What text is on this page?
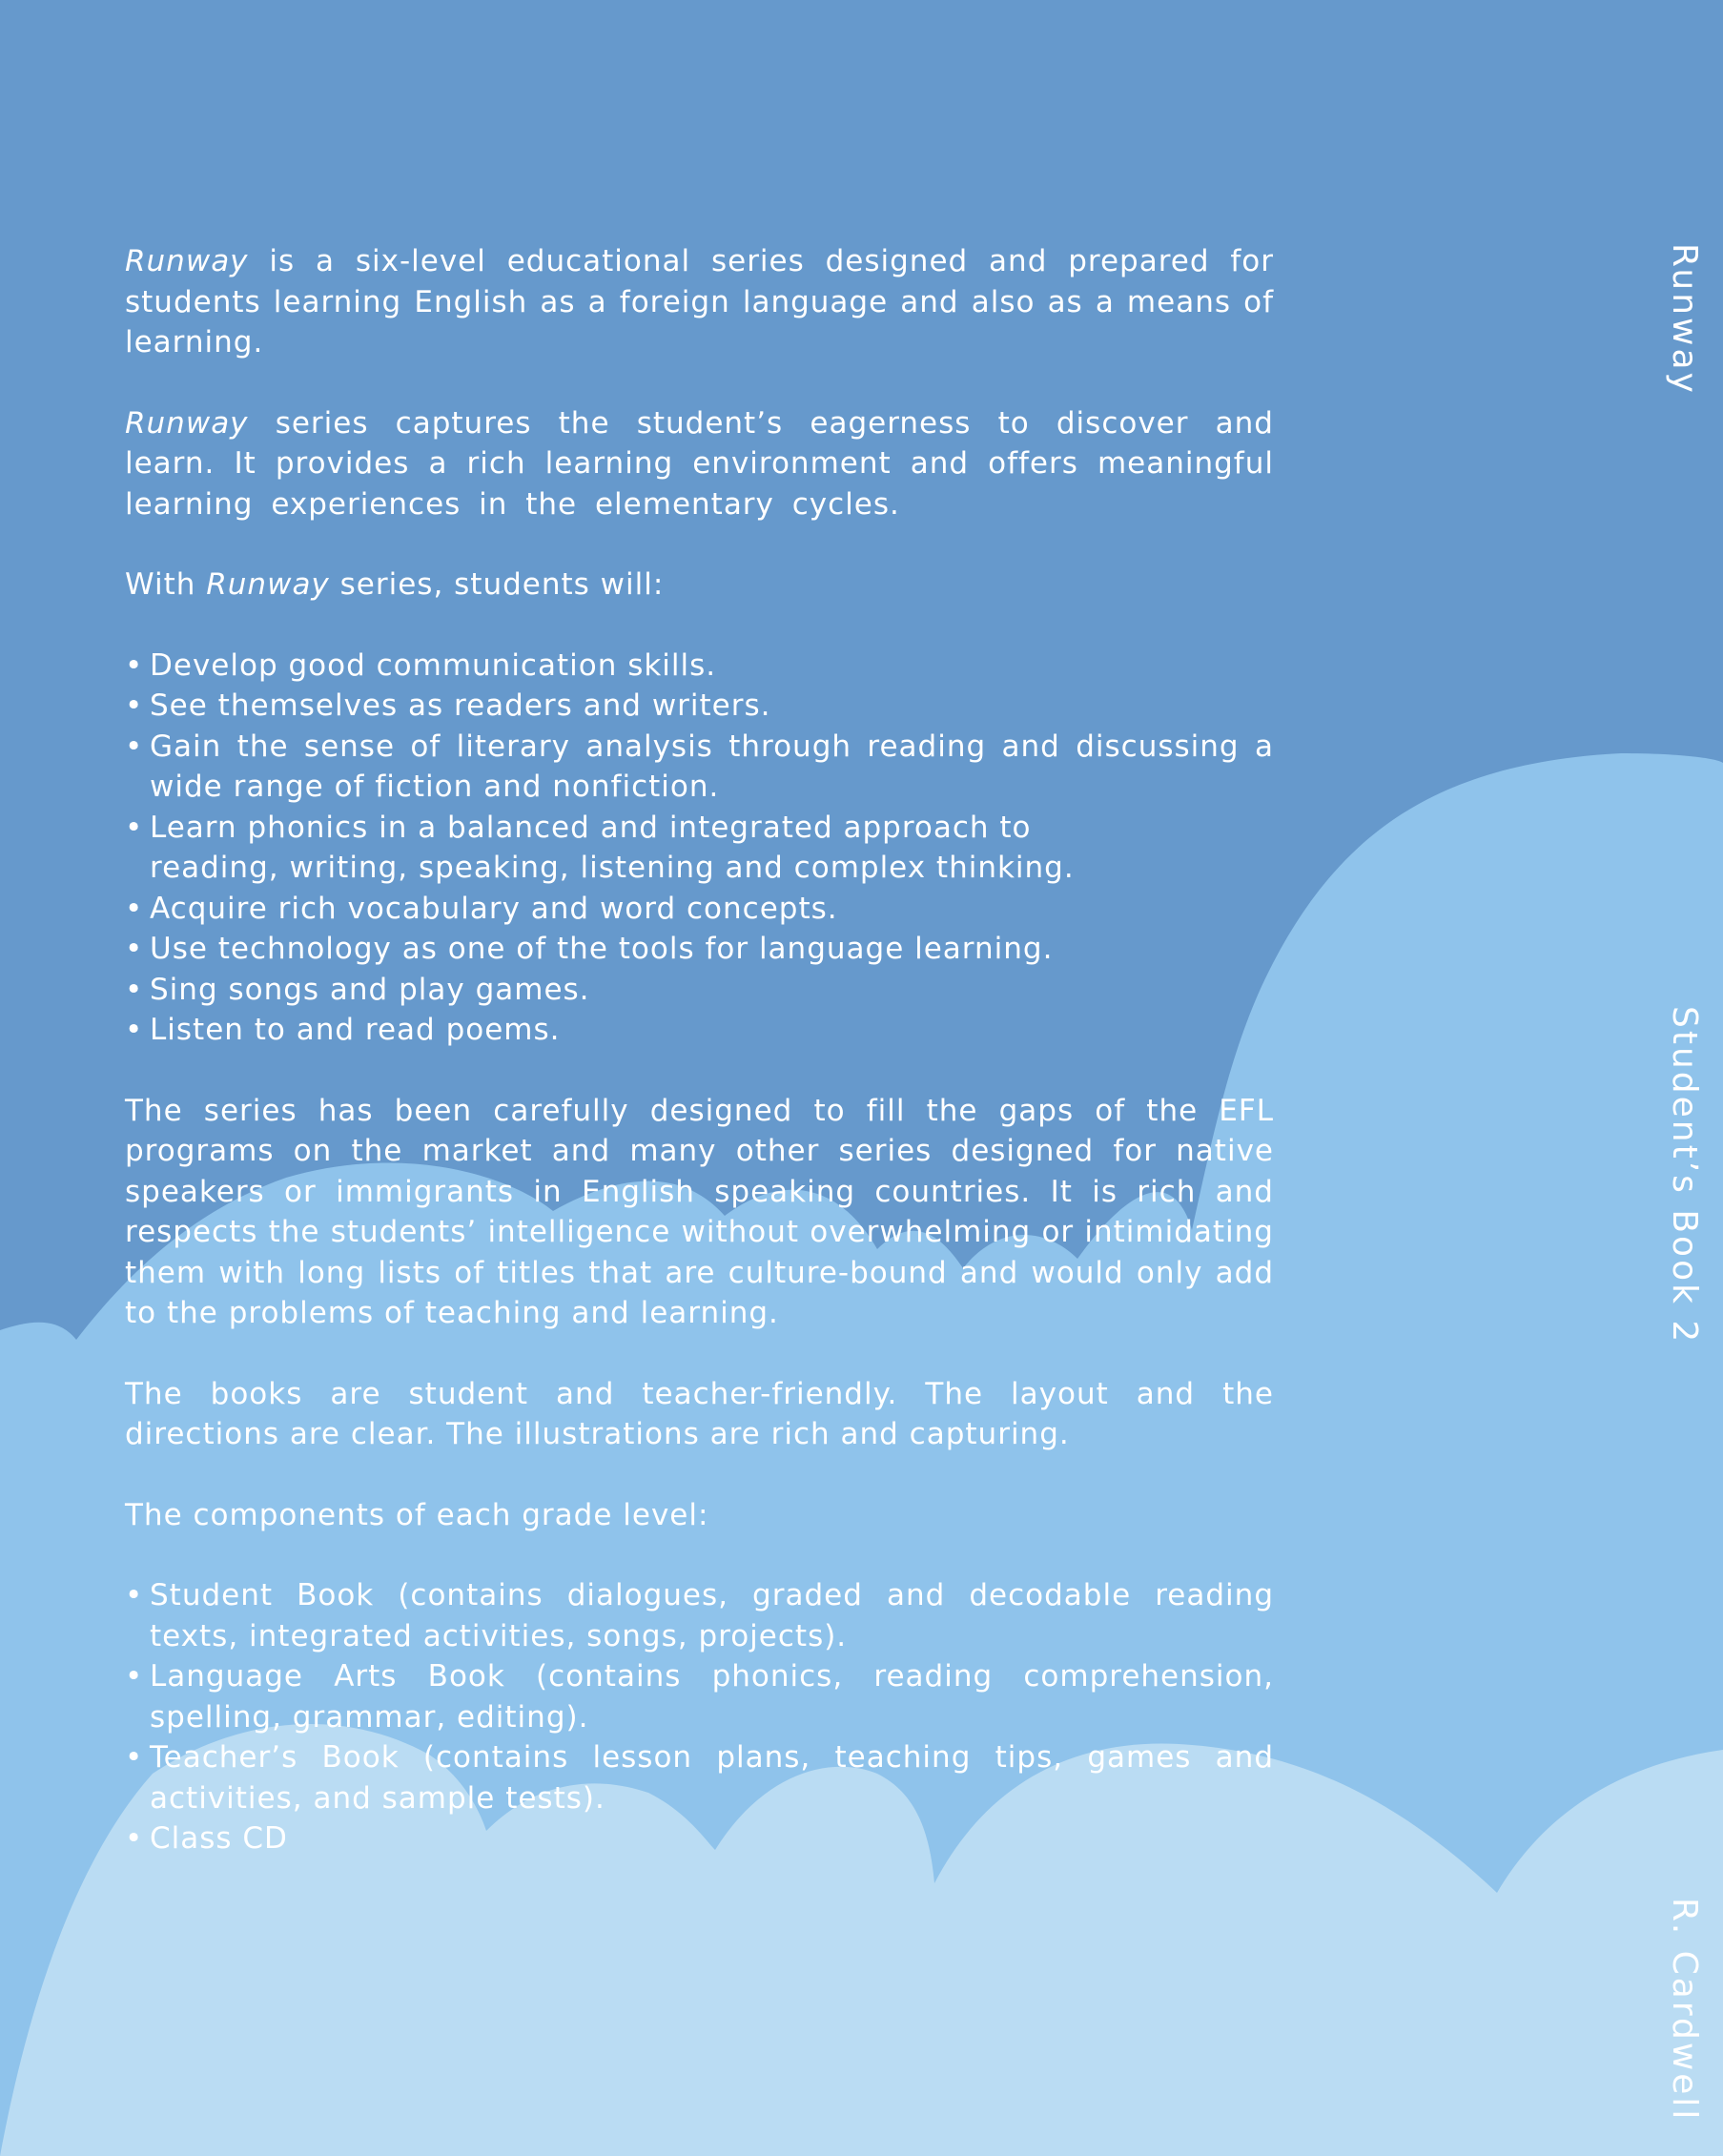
Runway is a six-level educational series designed and prepared for students learning English as a foreign language and also as a means of learning.

Runway series captures the student’s eagerness to discover and learn. It provides a rich learning environment and offers meaningful learning experiences in the elementary cycles.

With Runway series, students will:

• Develop good communication skills.
• See themselves as readers and writers.
• Gain the sense of literary analysis through reading and discussing a wide range of fiction and nonfiction.
• Learn phonics in a balanced and integrated approach to reading, writing, speaking, listening and complex thinking.
• Acquire rich vocabulary and word concepts.
• Use technology as one of the tools for language learning.
• Sing songs and play games.
• Listen to and read poems.

The series has been carefully designed to fill the gaps of the EFL programs on the market and many other series designed for native speakers or immigrants in English speaking countries. It is rich and respects the students’ intelligence without overwhelming or intimidating them with long lists of titles that are culture-bound and would only add to the problems of teaching and learning.

The books are student and teacher-friendly. The layout and the directions are clear. The illustrations are rich and capturing.

The components of each grade level:

• Student Book (contains dialogues, graded and decodable reading texts, integrated activities, songs, projects).
• Language Arts Book (contains phonics, reading comprehension, spelling, grammar, editing).
• Teacher’s Book (contains lesson plans, teaching tips, games and activities, and sample tests).
• Class CD
Runway
Student’s Book 2
R. Cardwell
